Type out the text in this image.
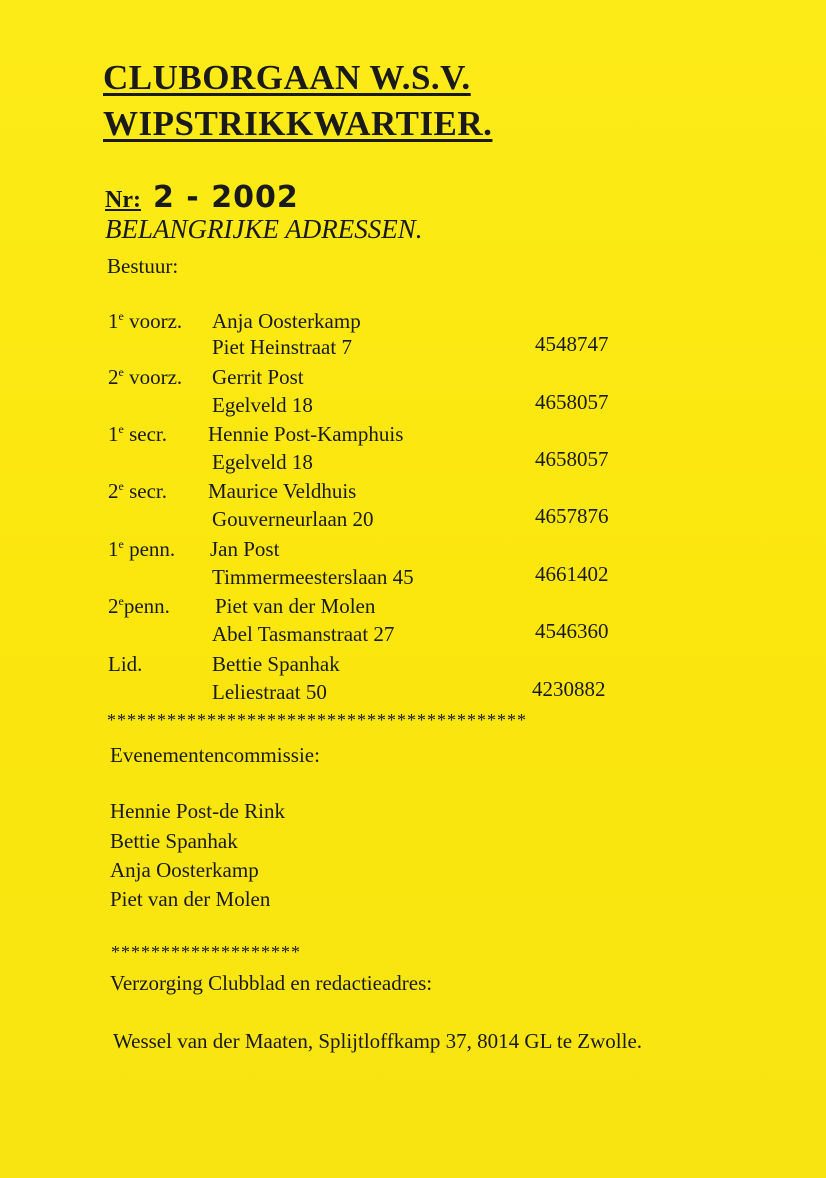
CLUBORGAAN W.S.V.
WIPSTRIKKWARTIER.
Nr: 2 - 2002
BELANGRIJKE ADRESSEN.
Bestuur:
1e voorz. Anja Oosterkamp
Piet Heinstraat 7	4548747
2e voorz. Gerrit Post
Egelveld 18	4658057
1e secr. Hennie Post-Kamphuis
Egelveld 18	4658057
2e secr. Maurice Veldhuis
Gouverneurlaan 20	4657876
1e penn. Jan Post
Timmermeesterslaan 45	4661402
2epenn. Piet van der Molen
Abel Tasmanstraat 27	4546360
Lid.	Bettie Spanhak
Leliestraat 50	4230882
******************************************
Evenementencommissie:
Hennie Post-de Rink
Bettie Spanhak
Anja Oosterkamp
Piet van der Molen
*******************
Verzorging Clubblad en redactieadres:
Wessel van der Maaten, Splijtloffkamp 37, 8014 GL te Zwolle.
